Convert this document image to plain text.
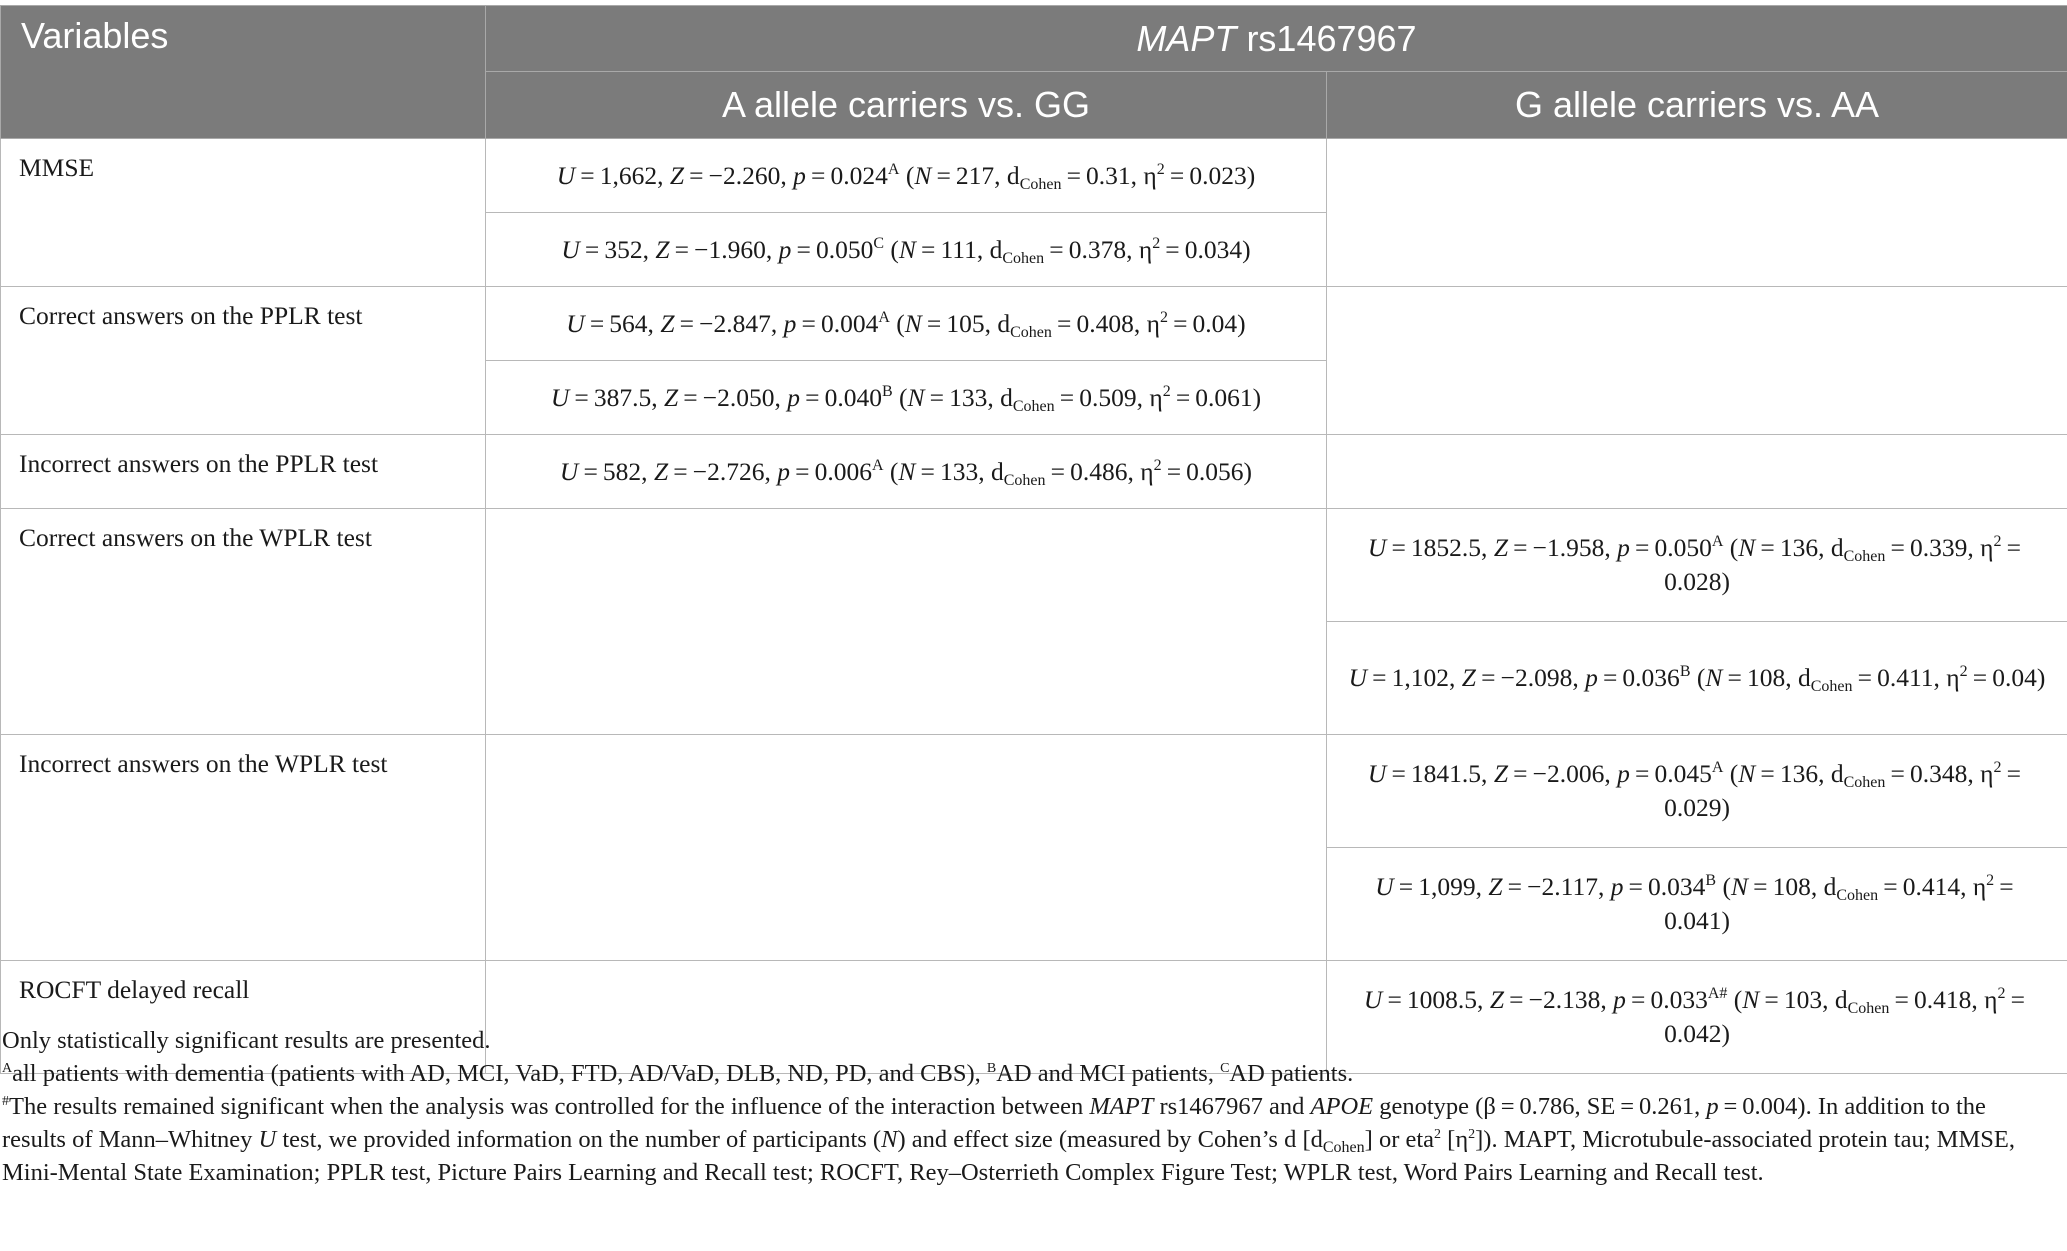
Variables	MAPT rs1467967	
	A allele carriers vs. GG	G allele carriers vs. AA
MMSE	U = 1,662, Z = −2.260, $p = 0.024^A$ (N = 217, $d_{Cohen} = 0.31$, $\eta^2 = 0.023$)	
	U = 352, Z = −1.960, $p = 0.050^C$ (N = 111, $d_{Cohen} = 0.378$, $\eta^2 = 0.034$)	
Correct answers on the PPLR test	U = 564, Z = −2.847, $p = 0.004^A$ (N = 105, $d_{Cohen} = 0.408$, $\eta^2 = 0.04$)	
	U = 387.5, Z = −2.050, $p = 0.040^B$ (N = 133, $d_{Cohen} = 0.509$, $\eta^2 = 0.061$)	
Incorrect answers on the PPLR test	U = 582, Z = −2.726, $p = 0.006^A$ (N = 133, $d_{Cohen} = 0.486$, $\eta^2 = 0.056$)	
Correct answers on the WPLR test		U = 1852.5, Z = −1.958, $p = 0.050^A$ (N = 136, $d_{Cohen} = 0.339$, $\eta^2 = 0.028$)
		U = 1,102, Z = −2.098, $p = 0.036^B$ (N = 108, $d_{Cohen} = 0.411$, $\eta^2 = 0.04$)
Incorrect answers on the WPLR test		U = 1841.5, Z = −2.006, $p = 0.045^A$ (N = 136, $d_{Cohen} = 0.348$, $\eta^2 = 0.029$)
		U = 1,099, Z = −2.117, $p = 0.034^B$ (N = 108, $d_{Cohen} = 0.414$, $\eta^2 = 0.041$)
ROCFT delayed recall		U = 1008.5, Z = −2.138, $p = 0.033^{A\#}$ (N = 103, $d_{Cohen} = 0.418$, $\eta^2 = 0.042$)

Only statistically significant results are presented.

$^A$all patients with dementia (patients with AD, MCI, VaD, FTD, AD/VaD, DLB, ND, PD, and CBS), $^B$AD and MCI patients, $^C$AD patients.

#The results remained significant when the analysis was controlled for the influence of the interaction between MAPT rs1467967 and APOE genotype (β = 0.786, SE = 0.261, p = 0.004). In addition to the results of Mann–Whitney U test, we provided information on the number of participants (N) and effect size (measured by Cohen’s d $[d_{Cohen}]$ or eta$^2$ $[\eta^2]$). MAPT, Microtubule-associated protein tau; MMSE, Mini-Mental State Examination; PPLR test, Picture Pairs Learning and Recall test; ROCFT, Rey–Osterrieth Complex Figure Test; WPLR test, Word Pairs Learning and Recall test.
